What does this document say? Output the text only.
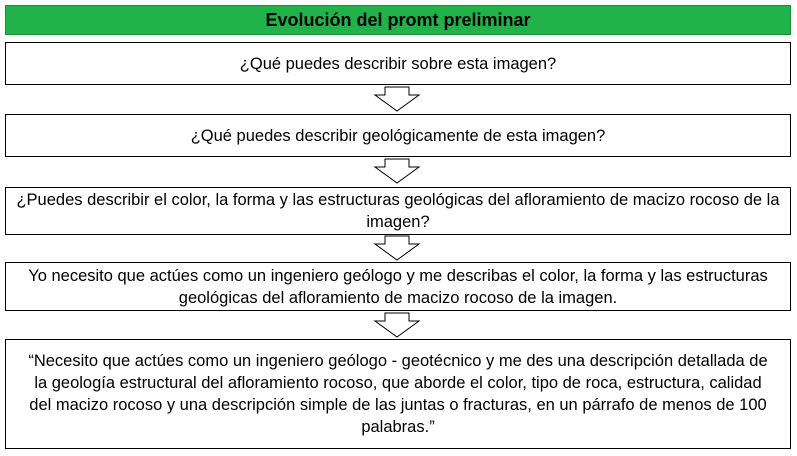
Evolución del promt preliminar
¿Qué puedes describir sobre esta imagen?
¿Qué puedes describir geológicamente de esta imagen?
¿Puedes describir el color, la forma y las estructuras geológicas del afloramiento de macizo rocoso de la imagen?
Yo necesito que actúes como un ingeniero geólogo y me describas el color, la forma y las estructuras geológicas del afloramiento de macizo rocoso de la imagen.
“Necesito que actúes como un ingeniero geólogo - geotécnico y me des una descripción detallada de la geología estructural del afloramiento rocoso, que aborde el color, tipo de roca, estructura, calidad del macizo rocoso y una descripción simple de las juntas o fracturas, en un párrafo de menos de 100 palabras.”
